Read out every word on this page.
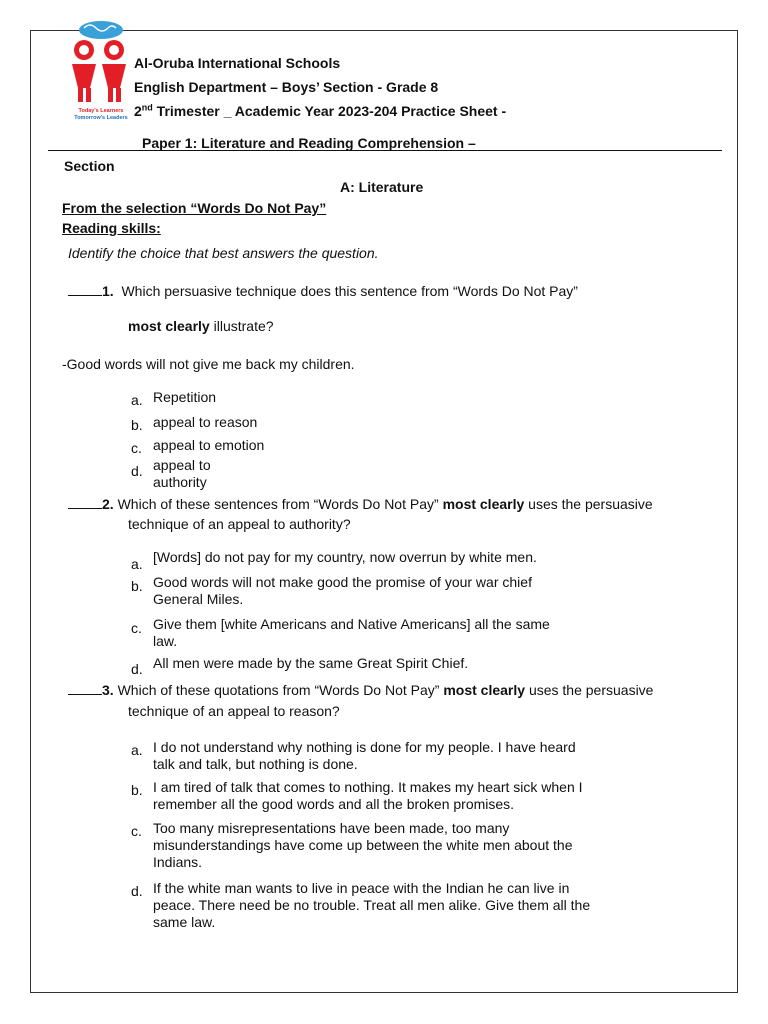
Today's Learners
Tomorrow's Leaders
Al-Oruba International Schools
English Department – Boys’ Section - Grade 8
2nd Trimester _ Academic Year 2023-204 Practice Sheet -
Paper 1: Literature and Reading Comprehension –
Section
A: Literature
From the selection “Words Do Not Pay”
Reading skills:
Identify the choice that best answers the question.
1. Which persuasive technique does this sentence from “Words Do Not Pay”
most clearly illustrate?
-Good words will not give me back my children.
a. Repetition
b. appeal to reason
c. appeal to emotion
d. appeal to authority
2. Which of these sentences from “Words Do Not Pay” most clearly uses the persuasive
technique of an appeal to authority?
a. [Words] do not pay for my country, now overrun by white men.
b. Good words will not make good the promise of your war chief General Miles.
c. Give them [white Americans and Native Americans] all the same law.
d. All men were made by the same Great Spirit Chief.
3. Which of these quotations from “Words Do Not Pay” most clearly uses the persuasive
technique of an appeal to reason?
a. I do not understand why nothing is done for my people. I have heard talk and talk, but nothing is done.
b. I am tired of talk that comes to nothing. It makes my heart sick when I remember all the good words and all the broken promises.
c. Too many misrepresentations have been made, too many misunderstandings have come up between the white men about the Indians.
d. If the white man wants to live in peace with the Indian he can live in peace. There need be no trouble. Treat all men alike. Give them all the same law.
